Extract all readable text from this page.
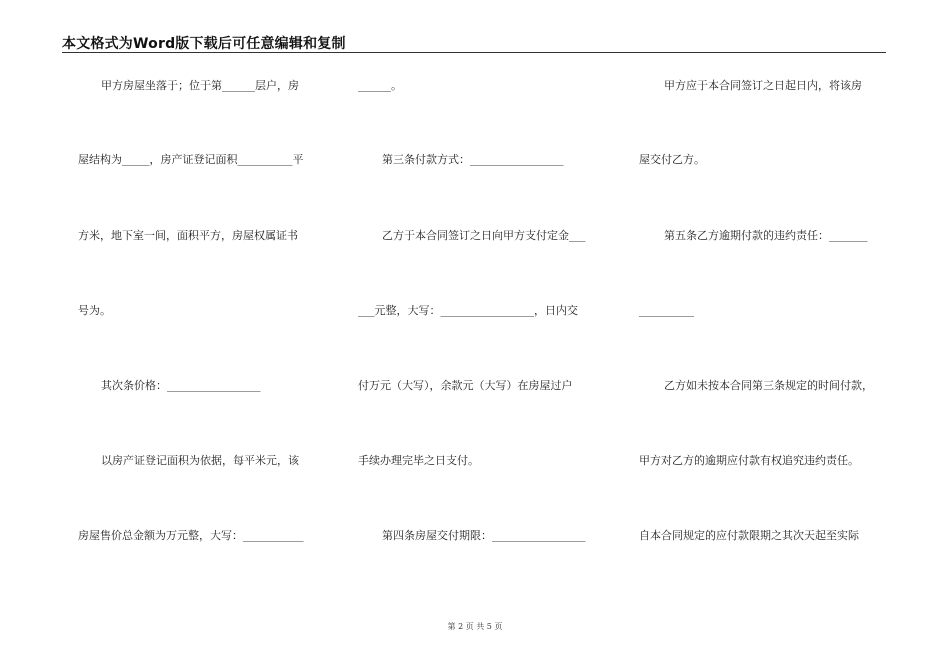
本文格式为Word版下载后可任意编辑和复制
甲方房屋坐落于；位于第______层户，房
屋结构为_____，房产证登记面积__________平
方米，地下室一间，面积平方，房屋权属证书
号为。
其次条价格：_________________
以房产证登记面积为依据，每平米元，该
房屋售价总金额为万元整，大写：___________
______。
第三条付款方式：_________________
乙方于本合同签订之日向甲方支付定金___
___元整，大写：_________________，日内交
付万元（大写），余款元（大写）在房屋过户
手续办理完毕之日支付。
第四条房屋交付期限：_________________
甲方应于本合同签订之日起日内，将该房
屋交付乙方。
第五条乙方逾期付款的违约责任：_______
__________
乙方如未按本合同第三条规定的时间付款，
甲方对乙方的逾期应付款有权追究违约责任。
自本合同规定的应付款限期之其次天起至实际
第 2 页 共 5 页
